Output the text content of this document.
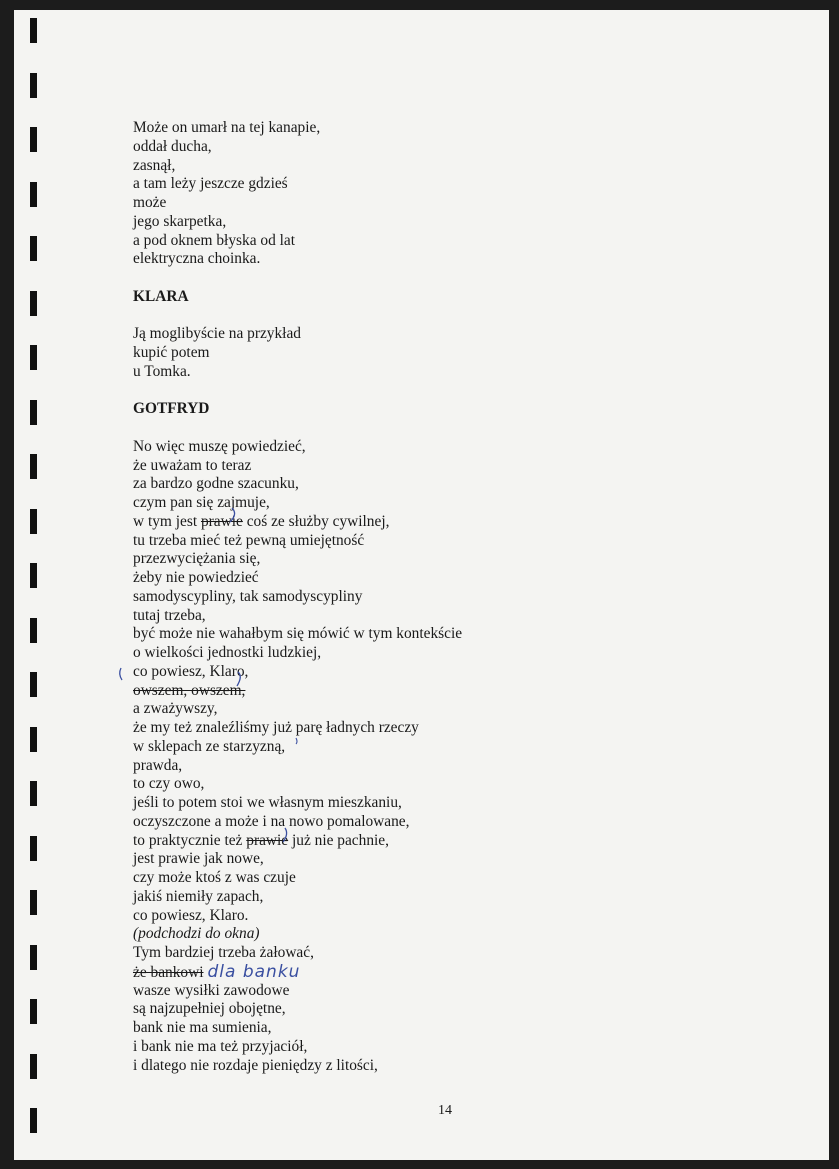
Może on umarł na tej kanapie,
oddał ducha,
zasnął,
a tam leży jeszcze gdzieś
może
jego skarpetka,
a pod oknem błyska od lat
elektryczna choinka.
KLARA
Ją moglibyście na przykład
kupić potem
u Tomka.
GOTFRYD
No więc muszę powiedzieć,
że uważam to teraz
za bardzo godne szacunku,
czym pan się zajmuje,
w tym jest prawie coś ze służby cywilnej,
tu trzeba mieć też pewną umiejętność
przezwyciężania się,
żeby nie powiedzieć
samodyscypliny, tak samodyscypliny
tutaj trzeba,
być może nie wahałbym się mówić w tym kontekście
o wielkości jednostki ludzkiej,
co powiesz, Klaro,
owszem, owszem,
a zważywszy,
że my też znaleźliśmy już parę ładnych rzeczy
w sklepach ze starzyzną,
prawda,
to czy owo,
jeśli to potem stoi we własnym mieszkaniu,
oczyszczone a może i na nowo pomalowane,
to praktycznie też prawie już nie pachnie,
jest prawie jak nowe,
czy może ktoś z was czuje
jakiś niemiły zapach,
co powiesz, Klaro.
(podchodzi do okna)
Tym bardziej trzeba żałować,
że bankowi dla banku
wasze wysiłki zawodowe
są najzupełniej obojętne,
bank nie ma sumienia,
i bank nie ma też przyjaciół,
i dlatego nie rozdaje pieniędzy z litości,
14
